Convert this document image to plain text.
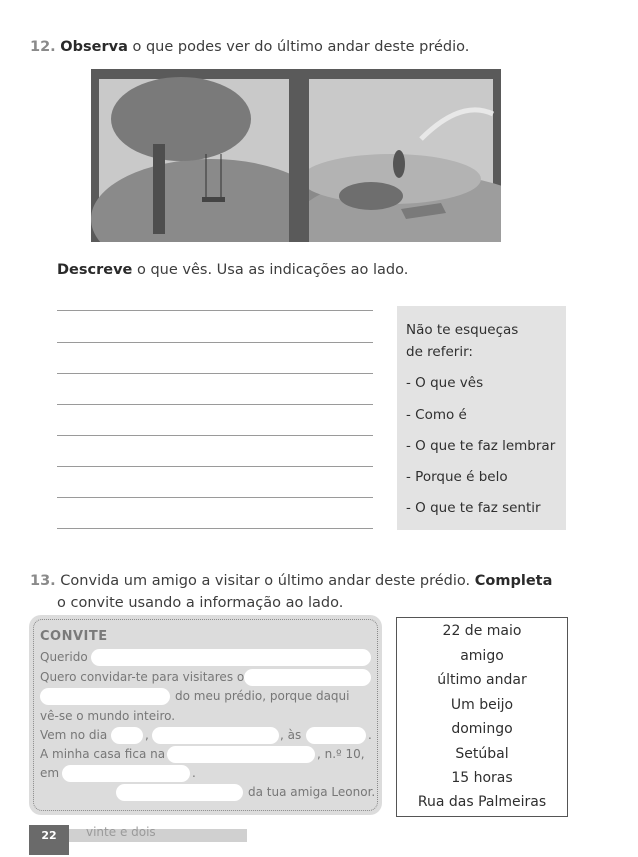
12. Observa o que podes ver do último andar deste prédio.
Descreve o que vês. Usa as indicações ao lado.
Não te esqueças
de referir:
- O que vês
- Como é
- O que te faz lembrar
- Porque é belo
- O que te faz sentir
13. Convida um amigo a visitar o último andar deste prédio. Completa
o convite usando a informação ao lado.
CONVITE
Querido
Quero convidar-te para visitares o
do meu prédio, porque daqui
vê-se o mundo inteiro.
Vem no dia	,	, às	.
A minha casa fica na	, n.º 10,
em	.
da tua amiga Leonor.
22 de maio
amigo
último andar
Um beijo
domingo
Setúbal
15 horas
Rua das Palmeiras
22	vinte e dois
